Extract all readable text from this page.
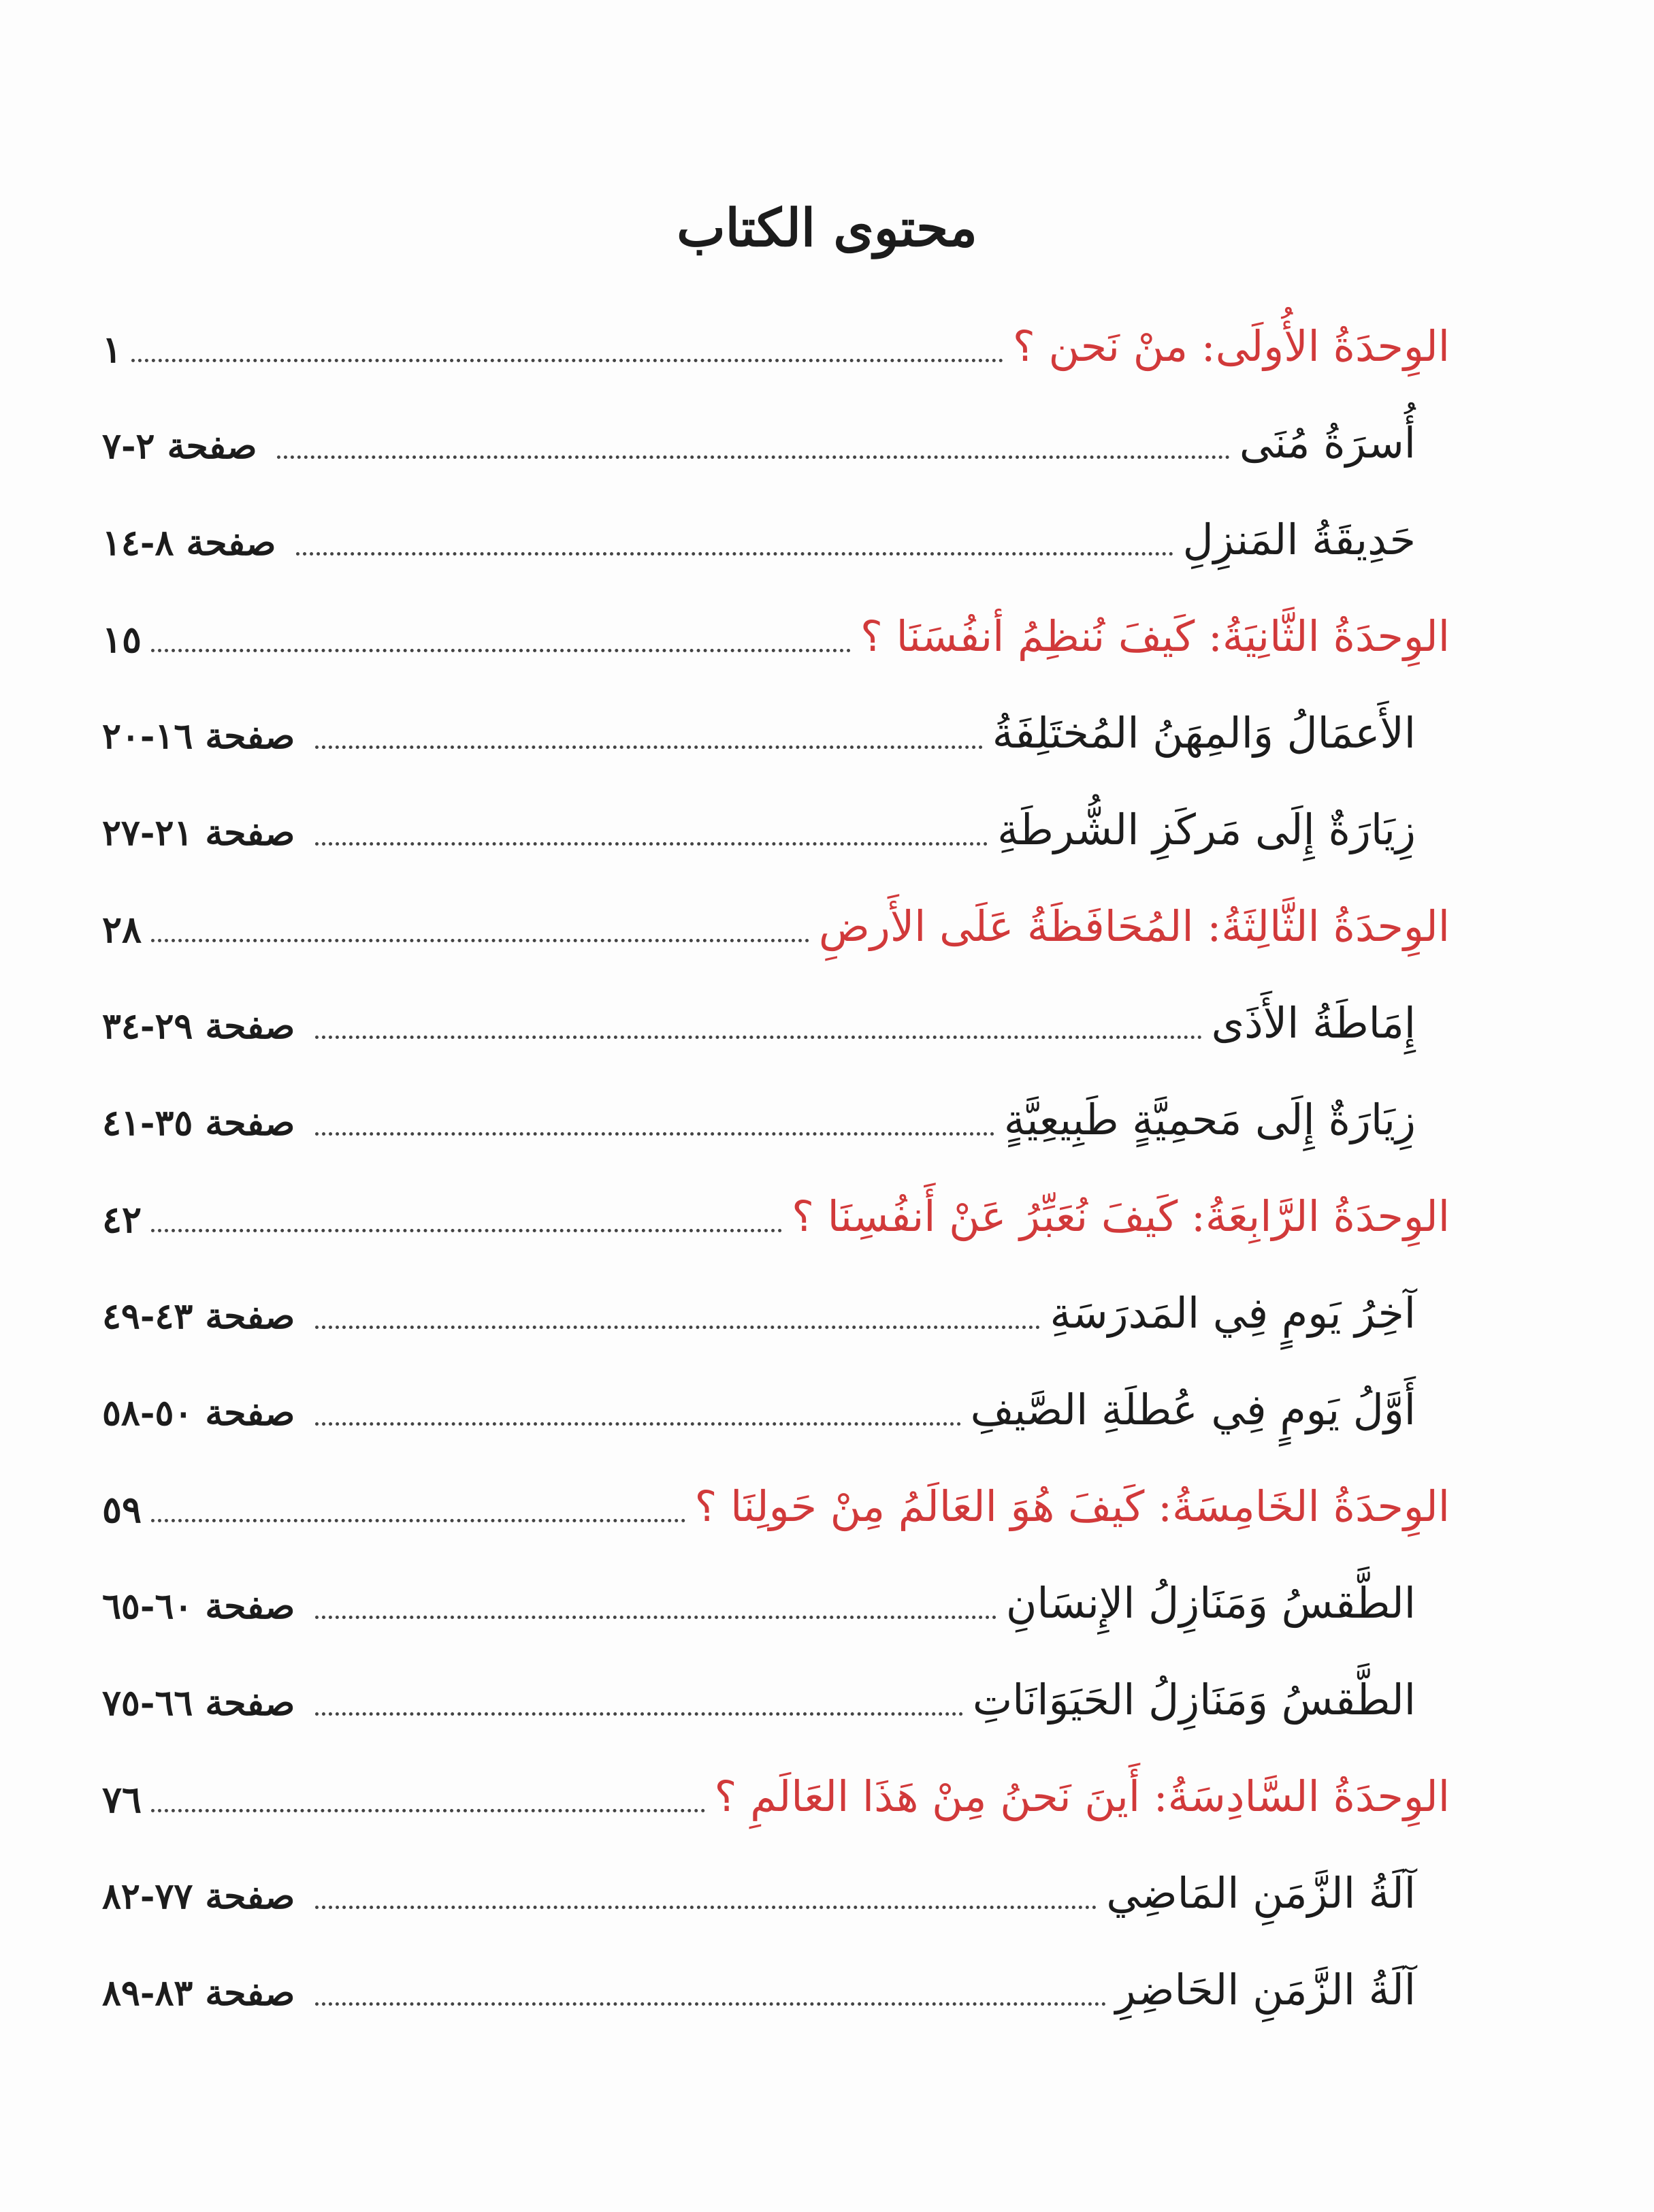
محتوى الكتاب
الوِحدَةُ الأُولَى: منْ نَحن ؟
١
أُسرَةُ مُنَى
صفحة ٢-٧
حَدِيقَةُ المَنزِلِ
صفحة ٨-١٤
الوِحدَةُ الثَّانِيَةُ: كَيفَ نُنظِمُ أنفُسَنَا ؟
١٥
الأَعمَالُ وَالمِهَنُ المُختَلِفَةُ
صفحة ١٦-٢٠
زِيَارَةٌ إِلَى مَركَزِ الشُّرطَةِ
صفحة ٢١-٢٧
الوِحدَةُ الثَّالِثَةُ: المُحَافَظَةُ عَلَى الأَرضِ
٢٨
إِمَاطَةُ الأَذَى
صفحة ٢٩-٣٤
زِيَارَةٌ إِلَى مَحمِيَّةٍ طَبِيعِيَّةٍ
صفحة ٣٥-٤١
الوِحدَةُ الرَّابِعَةُ: كَيفَ نُعَبِّرُ عَنْ أَنفُسِنَا ؟
٤٢
آخِرُ يَومٍ فِي المَدرَسَةِ
صفحة ٤٣-٤٩
أَوَّلُ يَومٍ فِي عُطلَةِ الصَّيفِ
صفحة ٥٠-٥٨
الوِحدَةُ الخَامِسَةُ: كَيفَ هُوَ العَالَمُ مِنْ حَولِنَا ؟
٥٩
الطَّقسُ وَمَنَازِلُ الإِنسَانِ
صفحة ٦٠-٦٥
الطَّقسُ وَمَنَازِلُ الحَيَوَانَاتِ
صفحة ٦٦-٧٥
الوِحدَةُ السَّادِسَةُ: أَينَ نَحنُ مِنْ هَذَا العَالَمِ ؟
٧٦
آلَةُ الزَّمَنِ المَاضِي
صفحة ٧٧-٨٢
آلَةُ الزَّمَنِ الحَاضِرِ
صفحة ٨٣-٨٩
